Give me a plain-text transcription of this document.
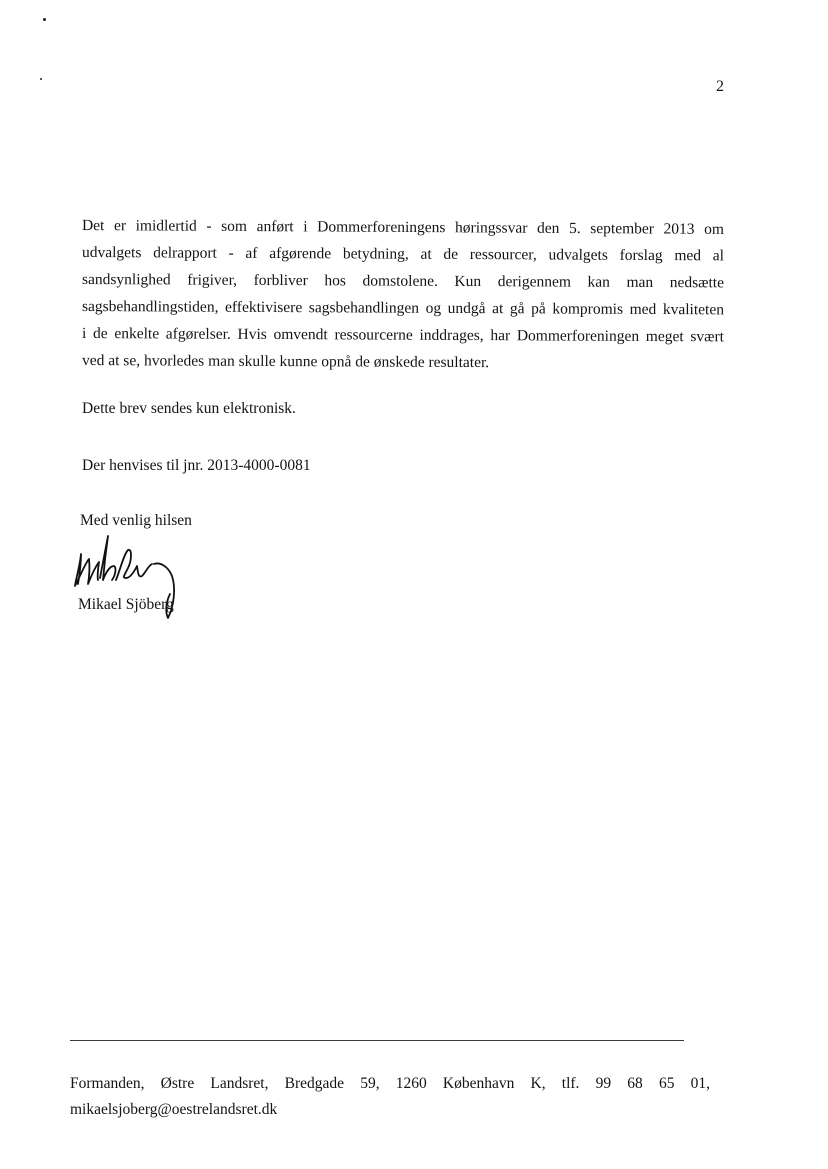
2
Det er imidlertid - som anført i Dommerforeningens høringssvar den 5. september 2013 om
udvalgets delrapport - af afgørende betydning, at de ressourcer, udvalgets forslag med al
sandsynlighed frigiver, forbliver hos domstolene. Kun derigennem kan man nedsætte
sagsbehandlingstiden, effektivisere sagsbehandlingen og undgå at gå på kompromis med kvaliteten
i de enkelte afgørelser. Hvis omvendt ressourcerne inddrages, har Dommerforeningen meget svært
ved at se, hvorledes man skulle kunne opnå de ønskede resultater.
Dette brev sendes kun elektronisk.
Der henvises til jnr. 2013-4000-0081
Med venlig hilsen
Mikael Sjöberg
Formanden, Østre Landsret, Bredgade 59, 1260 København K, tlf. 99 68 65 01,
mikaelsjoberg@oestrelandsret.dk
